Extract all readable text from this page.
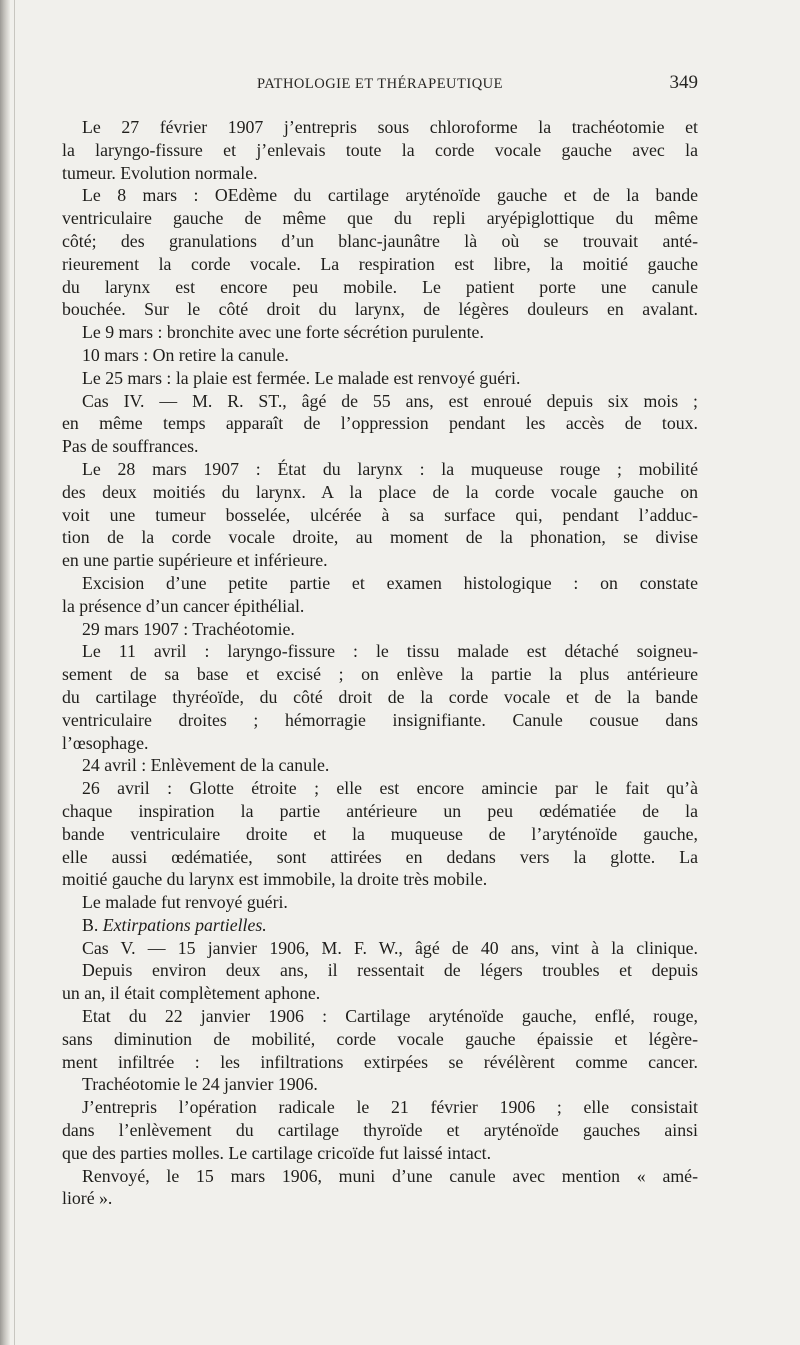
PATHOLOGIE ET THÉRAPEUTIQUE	349
Le 27 février 1907 j’entrepris sous chloroforme la trachéotomie et
la laryngo-fissure et j’enlevais toute la corde vocale gauche avec la
tumeur. Evolution normale.
Le 8 mars : OEdème du cartilage aryténoïde gauche et de la bande
ventriculaire gauche de même que du repli aryépiglottique du même
côté; des granulations d’un blanc-jaunâtre là où se trouvait anté-
rieurement la corde vocale. La respiration est libre, la moitié gauche
du larynx est encore peu mobile. Le patient porte une canule
bouchée. Sur le côté droit du larynx, de légères douleurs en avalant.
Le 9 mars : bronchite avec une forte sécrétion purulente.
10 mars : On retire la canule.
Le 25 mars : la plaie est fermée. Le malade est renvoyé guéri.
Cas IV. — M. R. ST., âgé de 55 ans, est enroué depuis six mois ;
en même temps apparaît de l’oppression pendant les accès de toux.
Pas de souffrances.
Le 28 mars 1907 : État du larynx : la muqueuse rouge ; mobilité
des deux moitiés du larynx. A la place de la corde vocale gauche on
voit une tumeur bosselée, ulcérée à sa surface qui, pendant l’adduc-
tion de la corde vocale droite, au moment de la phonation, se divise
en une partie supérieure et inférieure.
Excision d’une petite partie et examen histologique : on constate
la présence d’un cancer épithélial.
29 mars 1907 : Trachéotomie.
Le 11 avril : laryngo-fissure : le tissu malade est détaché soigneu-
sement de sa base et excisé ; on enlève la partie la plus antérieure
du cartilage thyréoïde, du côté droit de la corde vocale et de la bande
ventriculaire droites ; hémorragie insignifiante. Canule cousue dans
l’œsophage.
24 avril : Enlèvement de la canule.
26 avril : Glotte étroite ; elle est encore amincie par le fait qu’à
chaque inspiration la partie antérieure un peu œdématiée de la
bande ventriculaire droite et la muqueuse de l’aryténoïde gauche,
elle aussi œdématiée, sont attirées en dedans vers la glotte. La
moitié gauche du larynx est immobile, la droite très mobile.
Le malade fut renvoyé guéri.
B. Extirpations partielles.
Cas V. — 15 janvier 1906, M. F. W., âgé de 40 ans, vint à la clinique.
Depuis environ deux ans, il ressentait de légers troubles et depuis
un an, il était complètement aphone.
Etat du 22 janvier 1906 : Cartilage aryténoïde gauche, enflé, rouge,
sans diminution de mobilité, corde vocale gauche épaissie et légère-
ment infiltrée : les infiltrations extirpées se révélèrent comme cancer.
Trachéotomie le 24 janvier 1906.
J’entrepris l’opération radicale le 21 février 1906 ; elle consistait
dans l’enlèvement du cartilage thyroïde et aryténoïde gauches ainsi
que des parties molles. Le cartilage cricoïde fut laissé intact.
Renvoyé, le 15 mars 1906, muni d’une canule avec mention « amé-
lioré ».
